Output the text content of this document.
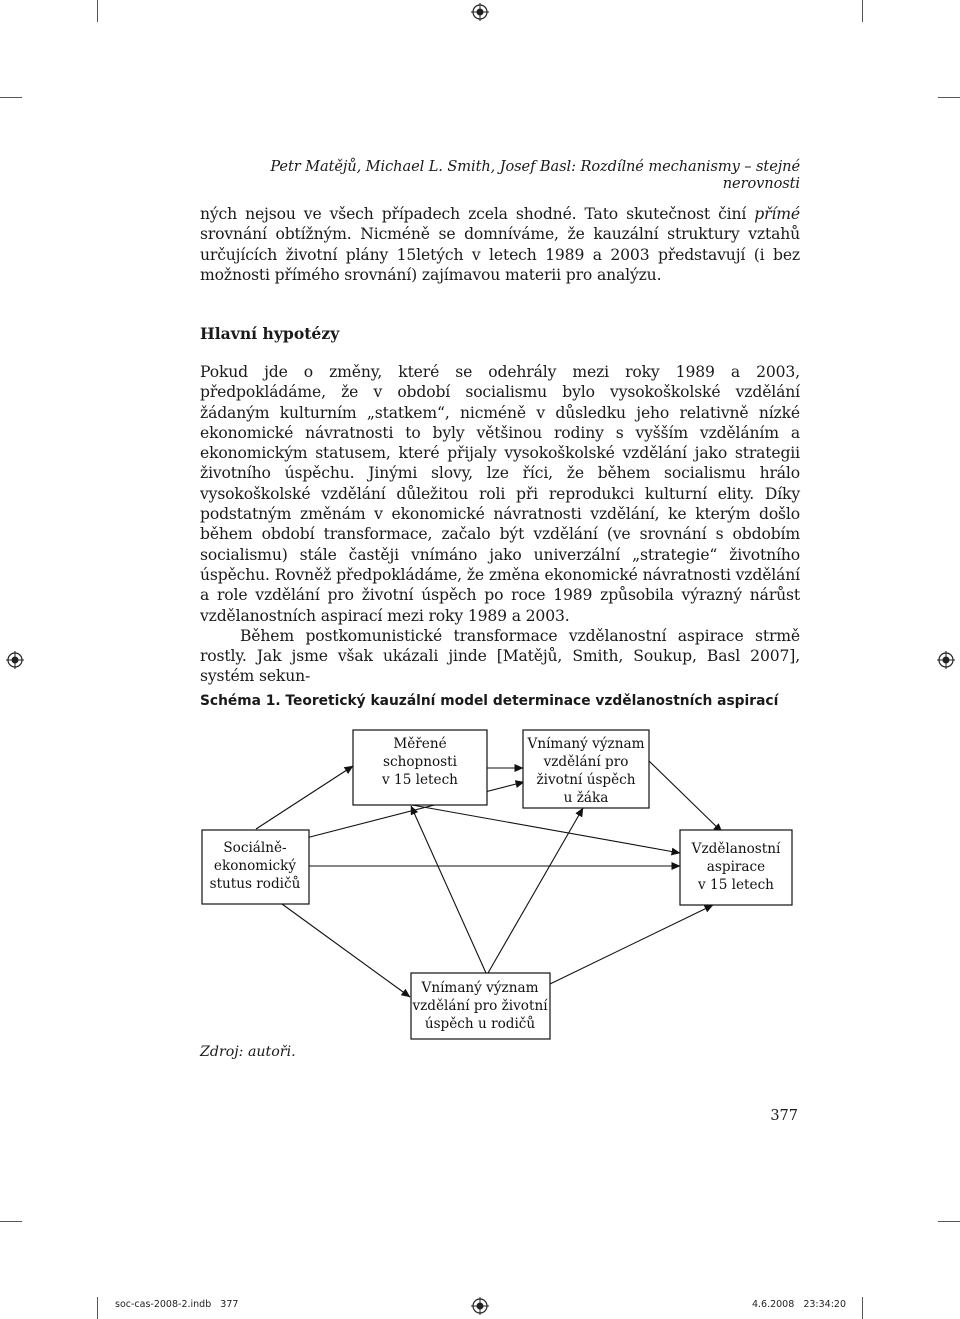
Petr Matějů, Michael L. Smith, Josef Basl: Rozdílné mechanismy – stejné nerovnosti

ných nejsou ve všech případech zcela shodné. Tato skutečnost činí přímé srovnání obtížným. Nicméně se domníváme, že kauzální struktury vztahů určujících životní plány 15letých v letech 1989 a 2003 představují (i bez možnosti přímého srovnání) zajímavou materii pro analýzu.

Hlavní hypotézy

Pokud jde o změny, které se odehrály mezi roky 1989 a 2003, předpokládáme, že v období socialismu bylo vysokoškolské vzdělání žádaným kulturním „statkem“, nicméně v důsledku jeho relativně nízké ekonomické návratnosti to byly většinou rodiny s vyšším vzděláním a ekonomickým statusem, které přijaly vysokoškolské vzdělání jako strategii životního úspěchu. Jinými slovy, lze říci, že během socialismu hrálo vysokoškolské vzdělání důležitou roli při reprodukci kulturní elity. Díky podstatným změnám v ekonomické návratnosti vzdělání, ke kterým došlo během období transformace, začalo být vzdělání (ve srovnání s obdobím socialismu) stále častěji vnímáno jako univerzální „strategie“ životního úspěchu. Rovněž předpokládáme, že změna ekonomické návratnosti vzdělání a role vzdělání pro životní úspěch po roce 1989 způsobila výrazný nárůst vzdělanostních aspirací mezi roky 1989 a 2003.

Během postkomunistické transformace vzdělanostní aspirace strmě rostly. Jak jsme však ukázali jinde [Matějů, Smith, Soukup, Basl 2007], systém sekun-

Schéma 1. Teoretický kauzální model determinace vzdělanostních aspirací
Měřené
schopnosti
v 15 letech
Vnímaný význam
vzdělání pro
životní úspěch
u žáka
Sociálně-
ekonomický
stutus rodičů
Vzdělanostní
aspirace
v 15 letech
Vnímaný význam
vzdělání pro životní
úspěch u rodičů
Zdroj: autoři.
377
soc-cas-2008-2.indb   377	4.6.2008   23:34:20
